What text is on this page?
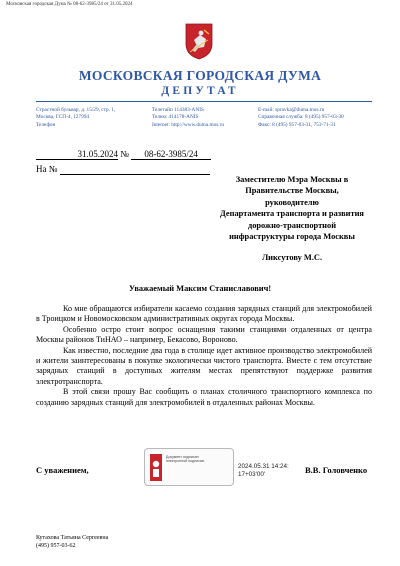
Московская городская Дума № 08-62-3985/24 от 31.05.2024
МОСКОВСКАЯ ГОРОДСКАЯ ДУМА
ДЕПУТАТ
Страстной бульвар, д. 15/29, стр. 1,
Москва, ГСП-4, 127994
Телефон
Телетайп 114383-ANIS
Телекс 414178-ANIS
Internet: http://www.duma.mos.ru
E-mail: spravka@duma.mos.ru
Справочная служба: 8 (495) 957-03-30
Факс: 8 (495) 957-03-31, 753-71-31
31.05.2024 № 08-62-3985/24
На №
Заместителю Мэра Москвы в
Правительстве Москвы,
руководителю
Департамента транспорта и развития
дорожно-транспортной
инфраструктуры города Москвы
Ликсутову М.С.
Уважаемый Максим Станиславович!

Ко мне обращаются избиратели касаемо создания зарядных станций для электромобилей в Троицком и Новомосковском административных округах города Москвы.

Особенно остро стоит вопрос оснащения такими станциями отдаленных от центра Москвы районов ТиНАО – например, Бекасово, Вороново.

Как известно, последние два года в столице идет активное производство электромобилей и жители заинтересованы в покупке экологически чистого транспорта. Вместе с тем отсутствие зарядных станций в доступных жителям местах препятствуют поддержке развития электротранспорта.

В этой связи прошу Вас сообщить о планах столичного транспортного комплекса по созданию зарядных станций для электромобилей в отдаленных районах Москвы.

С уважением,
Документ подписан
электронной подписью
2024.05.31 14:24:
17+03'00'	В.В. Головченко
Кутахова Татьяна Сергеевна
(495) 957-03-62
